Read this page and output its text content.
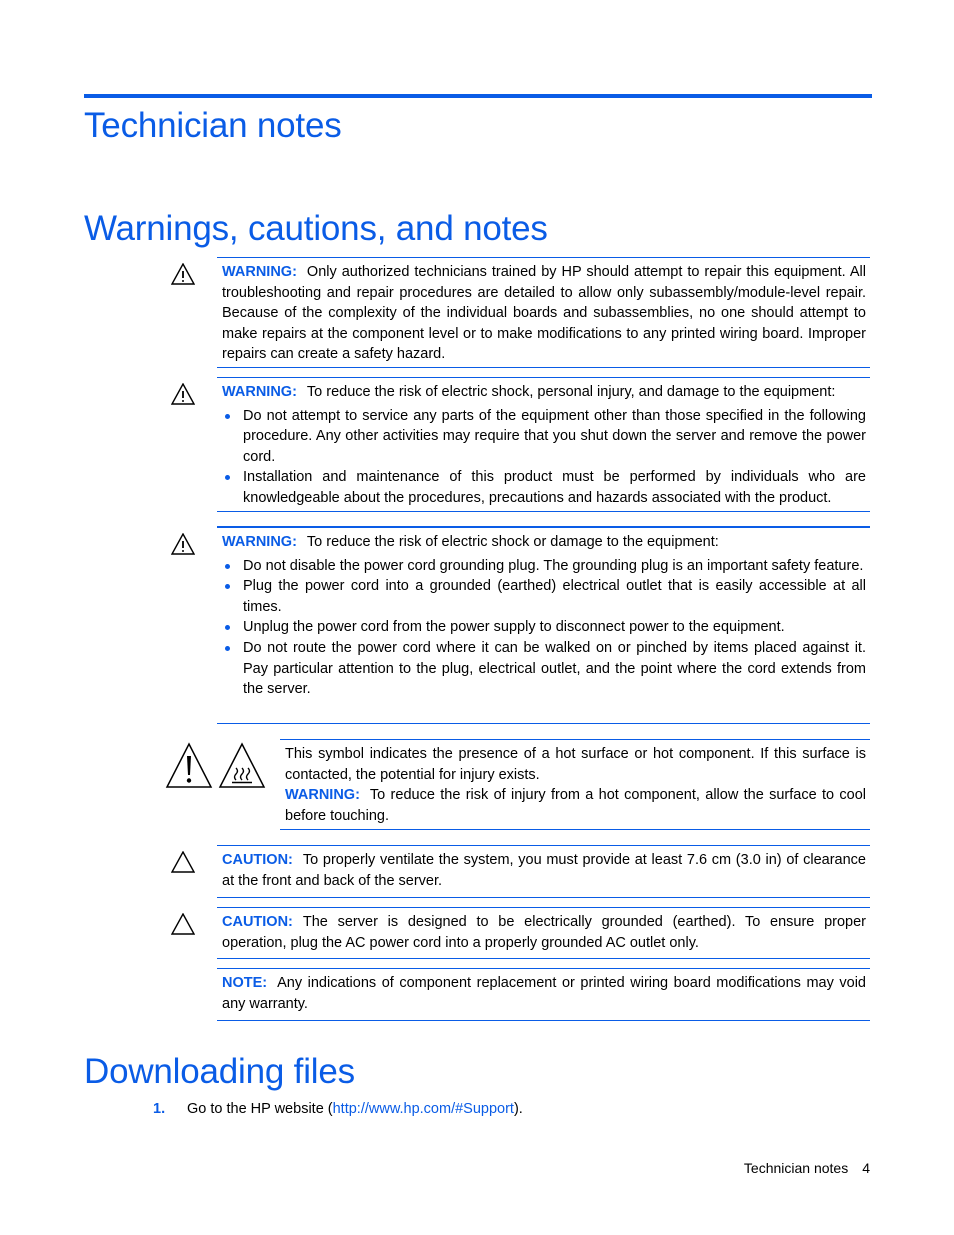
Technician notes
Warnings, cautions, and notes

WARNING: Only authorized technicians trained by HP should attempt to repair this equipment. All troubleshooting and repair procedures are detailed to allow only subassembly/module-level repair. Because of the complexity of the individual boards and subassemblies, no one should attempt to make repairs at the component level or to make modifications to any printed wiring board. Improper repairs can create a safety hazard.

WARNING: To reduce the risk of electric shock, personal injury, and damage to the equipment:

Do not attempt to service any parts of the equipment other than those specified in the following procedure. Any other activities may require that you shut down the server and remove the power cord.
Installation and maintenance of this product must be performed by individuals who are knowledgeable about the procedures, precautions and hazards associated with the product.

WARNING: To reduce the risk of electric shock or damage to the equipment:

Do not disable the power cord grounding plug. The grounding plug is an important safety feature.
Plug the power cord into a grounded (earthed) electrical outlet that is easily accessible at all times.
Unplug the power cord from the power supply to disconnect power to the equipment.
Do not route the power cord where it can be walked on or pinched by items placed against it. Pay particular attention to the plug, electrical outlet, and the point where the cord extends from the server.

This symbol indicates the presence of a hot surface or hot component. If this surface is contacted, the potential for injury exists.

WARNING: To reduce the risk of injury from a hot component, allow the surface to cool before touching.

CAUTION: To properly ventilate the system, you must provide at least 7.6 cm (3.0 in) of clearance at the front and back of the server.

CAUTION: The server is designed to be electrically grounded (earthed). To ensure proper operation, plug the AC power cord into a properly grounded AC outlet only.

NOTE: Any indications of component replacement or printed wiring board modifications may void any warranty.

Downloading files
1. Go to the HP website (http://www.hp.com/#Support).
Technician notes 4
